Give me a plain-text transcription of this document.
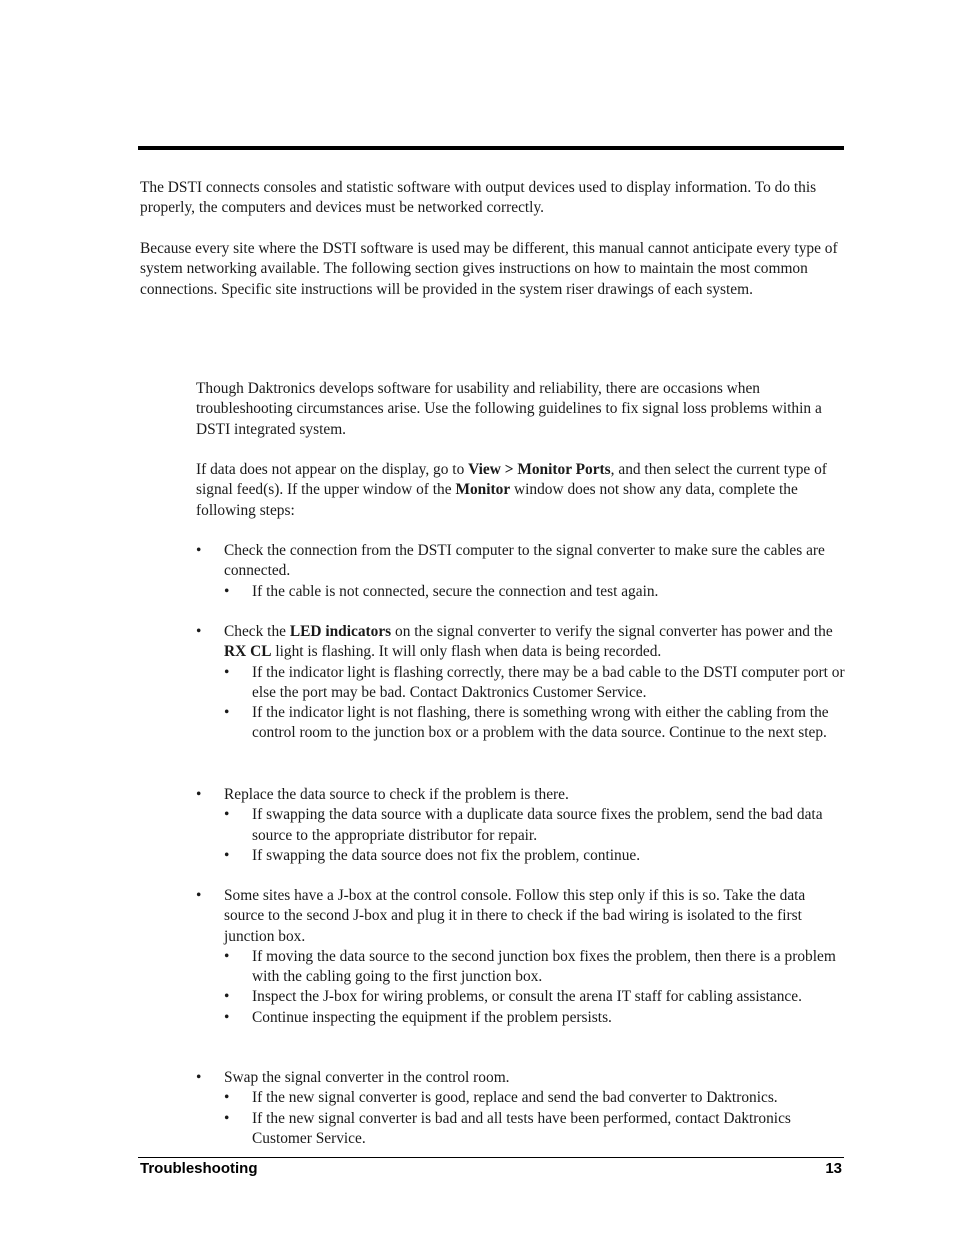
The DSTI connects consoles and statistic software with output devices used to display information. To do this properly, the computers and devices must be networked correctly.

Because every site where the DSTI software is used may be different, this manual cannot anticipate every type of system networking available. The following section gives instructions on how to maintain the most common connections. Specific site instructions will be provided in the system riser drawings of each system.

Though Daktronics develops software for usability and reliability, there are occasions when troubleshooting circumstances arise. Use the following guidelines to fix signal loss problems within a DSTI integrated system.

If data does not appear on the display, go to View > Monitor Ports, and then select the current type of signal feed(s). If the upper window of the Monitor window does not show any data, complete the following steps:

• Check the connection from the DSTI computer to the signal converter to make sure the cables are connected.
• If the cable is not connected, secure the connection and test again.
• Check the LED indicators on the signal converter to verify the signal converter has power and the RX CL light is flashing. It will only flash when data is being recorded.
• If the indicator light is flashing correctly, there may be a bad cable to the DSTI computer port or else the port may be bad. Contact Daktronics Customer Service.
• If the indicator light is not flashing, there is something wrong with either the cabling from the control room to the junction box or a problem with the data source. Continue to the next step.
• Replace the data source to check if the problem is there.
• If swapping the data source with a duplicate data source fixes the problem, send the bad data source to the appropriate distributor for repair.
• If swapping the data source does not fix the problem, continue.
• Some sites have a J-box at the control console. Follow this step only if this is so. Take the data source to the second J-box and plug it in there to check if the bad wiring is isolated to the first junction box.
• If moving the data source to the second junction box fixes the problem, then there is a problem with the cabling going to the first junction box.
• Inspect the J-box for wiring problems, or consult the arena IT staff for cabling assistance.
• Continue inspecting the equipment if the problem persists.
• Swap the signal converter in the control room.
• If the new signal converter is good, replace and send the bad converter to Daktronics.
• If the new signal converter is bad and all tests have been performed, contact Daktronics Customer Service.
Troubleshooting	13
